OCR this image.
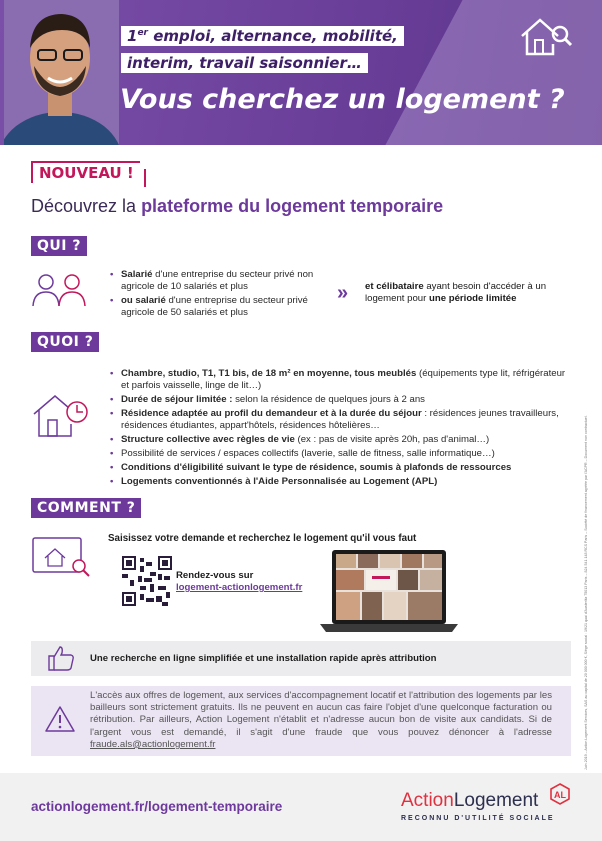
1er emploi, alternance, mobilité,
interim, travail saisonnier…
Vous cherchez un logement ?
NOUVEAU !
Découvrez la plateforme du logement temporaire
QUI ?
• Salarié d'une entreprise du secteur privé non agricole de 10 salariés et plus
• ou salarié d'une entreprise du secteur privé agricole de 50 salariés et plus
» et célibataire ayant besoin d'accéder à un logement pour une période limitée
QUOI ?
• Chambre, studio, T1, T1 bis, de 18 m² en moyenne, tous meublés (équipements type lit, réfrigérateur et parfois vaisselle, linge de lit…)
• Durée de séjour limitée : selon la résidence de quelques jours à 2 ans
• Résidence adaptée au profil du demandeur et à la durée du séjour : résidences jeunes travailleurs, résidences étudiantes, appart'hôtels, résidences hôtelières…
• Structure collective avec règles de vie (ex : pas de visite après 20h, pas d'animal…)
• Possibilité de services / espaces collectifs (laverie, salle de fitness, salle informatique…)
• Conditions d'éligibilité suivant le type de résidence, soumis à plafonds de ressources
• Logements conventionnés à l'Aide Personnalisée au Logement (APL)
COMMENT ?
Saisissez votre demande et recherchez le logement qu'il vous faut
Rendez-vous sur
logement-actionlogement.fr
Une recherche en ligne simplifiée et une installation rapide après attribution
L'accès aux offres de logement, aux services d'accompagnement locatif et l'attribution des logements par les bailleurs sont strictement gratuits. Ils ne peuvent en aucun cas faire l'objet d'une quelconque facturation ou rétribution. Par ailleurs, Action Logement n'établit et n'adresse aucun bon de visite aux candidats. Si de l'argent vous est demandé, il s'agit d'une fraude que vous pouvez dénoncer à l'adresse fraude.als@actionlogement.fr	Juin 2019 – Action Logement Services, SAS au capital de 20 000 000 €, Siège social : 19/21 quai d'Austerlitz 75013 Paris – 824 541 148 RCS Paris – Société de financement agréée par l'ACPR – Document non contractuel.
actionlogement.fr/logement-temporaire	ActionLogement
RECONNU D'UTILITÉ SOCIALE
AL
